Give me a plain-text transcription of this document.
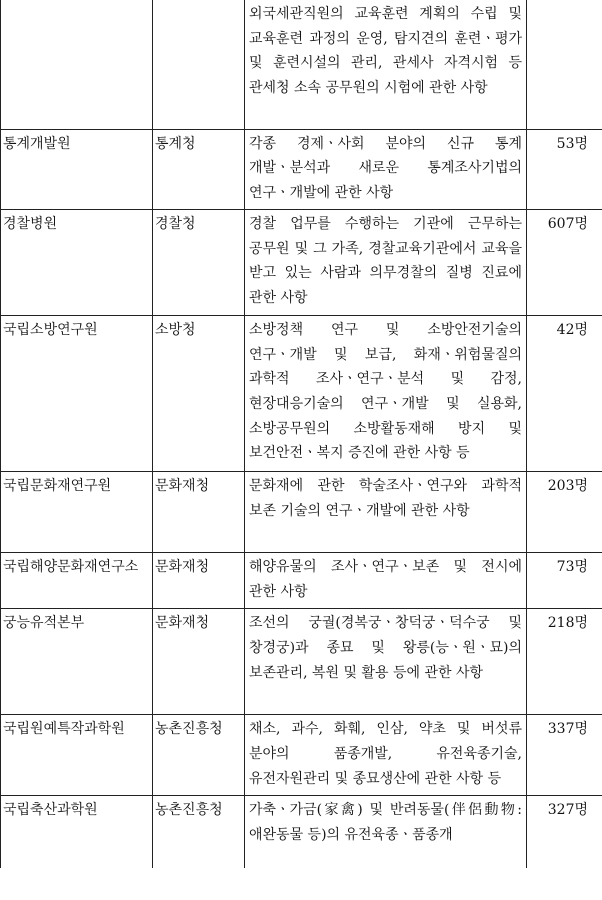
		외국세관직원의 교육훈련 계획의 수립 및 교육훈련 과정의 운영, 탐지견의 훈련ㆍ평가 및 훈련시설의 관리, 관세사 자격시험 등 관세청 소속 공무원의 시험에 관한 사항	
통계개발원	통계청	각종 경제ㆍ사회 분야의 신규 통계 개발ㆍ분석과 새로운 통계조사기법의 연구ㆍ개발에 관한 사항	53명
경찰병원	경찰청	경찰 업무를 수행하는 기관에 근무하는 공무원 및 그 가족, 경찰교육기관에서 교육을 받고 있는 사람과 의무경찰의 질병 진료에 관한 사항	607명
국립소방연구원	소방청	소방정책 연구 및 소방안전기술의 연구ㆍ개발 및 보급, 화재ㆍ위험물질의 과학적 조사ㆍ연구ㆍ분석 및 감정, 현장대응기술의 연구ㆍ개발 및 실용화, 소방공무원의 소방활동재해 방지 및 보건안전ㆍ복지 증진에 관한 사항 등	42명
국립문화재연구원	문화재청	문화재에 관한 학술조사ㆍ연구와 과학적 보존 기술의 연구ㆍ개발에 관한 사항	203명
국립해양문화재연구소	문화재청	해양유물의 조사ㆍ연구ㆍ보존 및 전시에 관한 사항	73명
궁능유적본부	문화재청	조선의 궁궐(경복궁ㆍ창덕궁ㆍ덕수궁 및 창경궁)과 종묘 및 왕릉(능ㆍ원ㆍ묘)의 보존관리, 복원 및 활용 등에 관한 사항	218명
국립원예특작과학원	농촌진흥청	채소, 과수, 화훼, 인삼, 약초 및 버섯류 분야의 품종개발, 유전육종기술, 유전자원관리 및 종묘생산에 관한 사항 등	337명
국립축산과학원	농촌진흥청	가축ㆍ가금(家禽) 및 반려동물(伴侶動物: 애완동물 등)의 유전육종ㆍ품종개	327명
